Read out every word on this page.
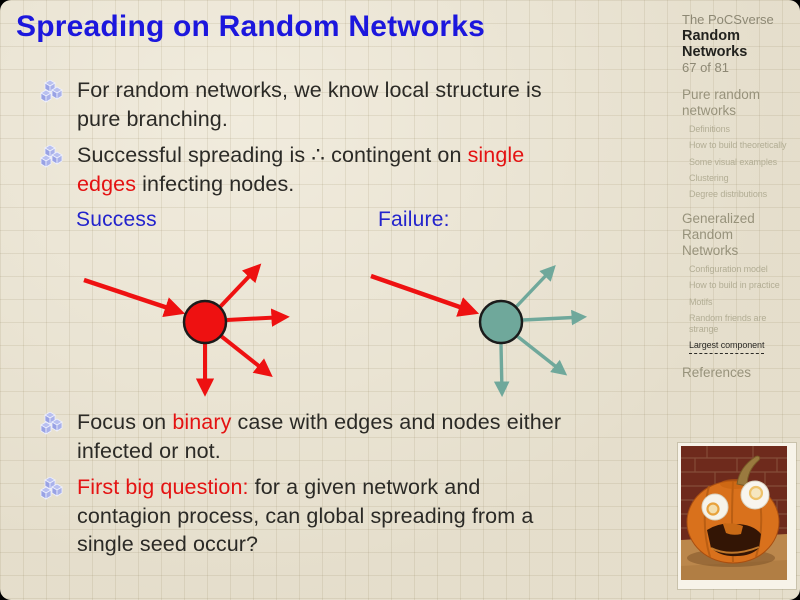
Spreading on Random Networks
For random networks, we know local structure is
pure branching.
Successful spreading is ∴ contingent on single
edges infecting nodes.
Success	Failure:
Focus on binary case with edges and nodes either
infected or not.
First big question: for a given network and
contagion process, can global spreading from a
single seed occur?
The PoCSverse
Random Networks
67 of 81
Pure random networks
Definitions
How to build theoretically
Some visual examples
Clustering
Degree distributions
Generalized Random Networks
Configuration model
How to build in practice
Motifs
Random friends are strange
Largest component
References
